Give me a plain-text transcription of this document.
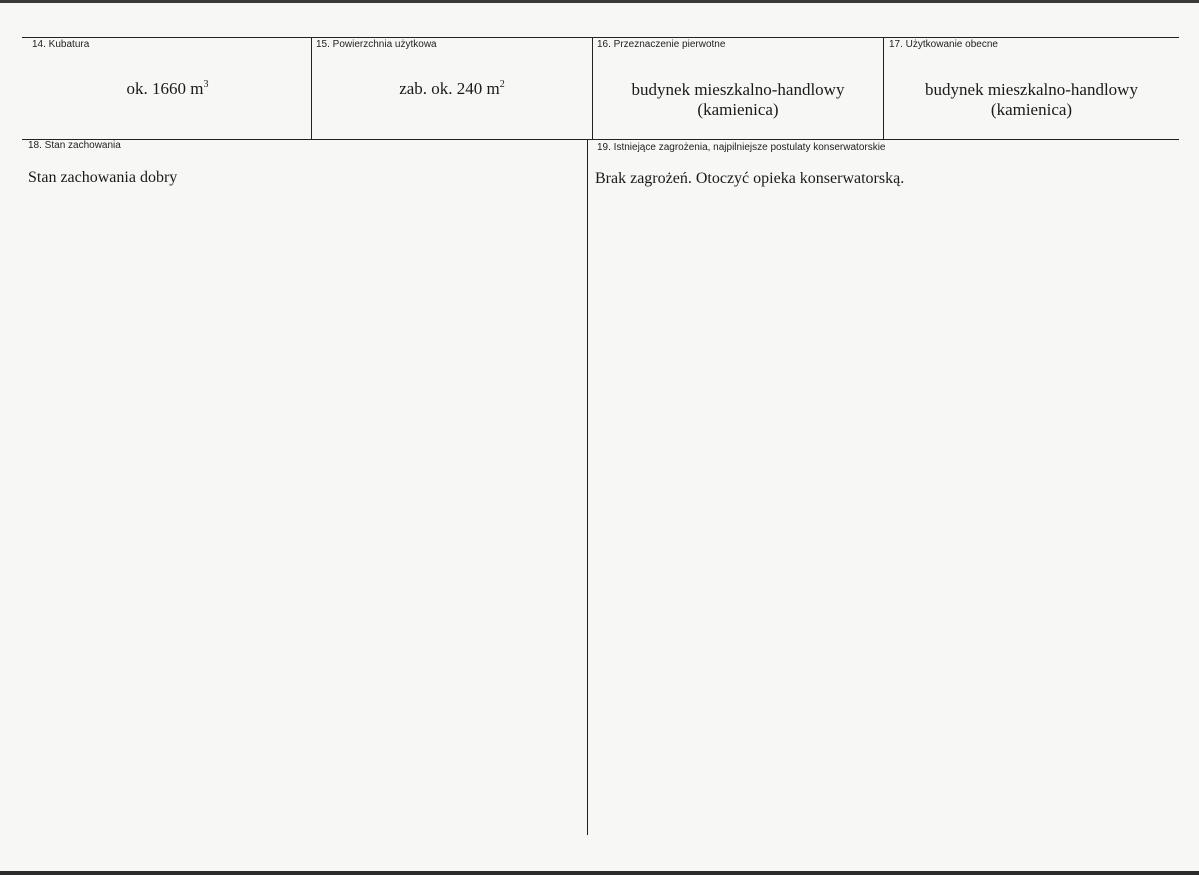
14. Kubatura
ok. 1660 $m^3$
15. Powierzchnia użytkowa
zab. ok. 240 $m^2$
16. Przeznaczenie pierwotne
budynek mieszkalno-handlowy
(kamienica)
17. Użytkowanie obecne
budynek mieszkalno-handlowy
(kamienica)
18. Stan zachowania
Stan zachowania dobry
19. Istniejące zagrożenia, najpilniejsze postulaty konserwatorskie
Brak zagrożeń. Otoczyć opieka konserwatorską.
